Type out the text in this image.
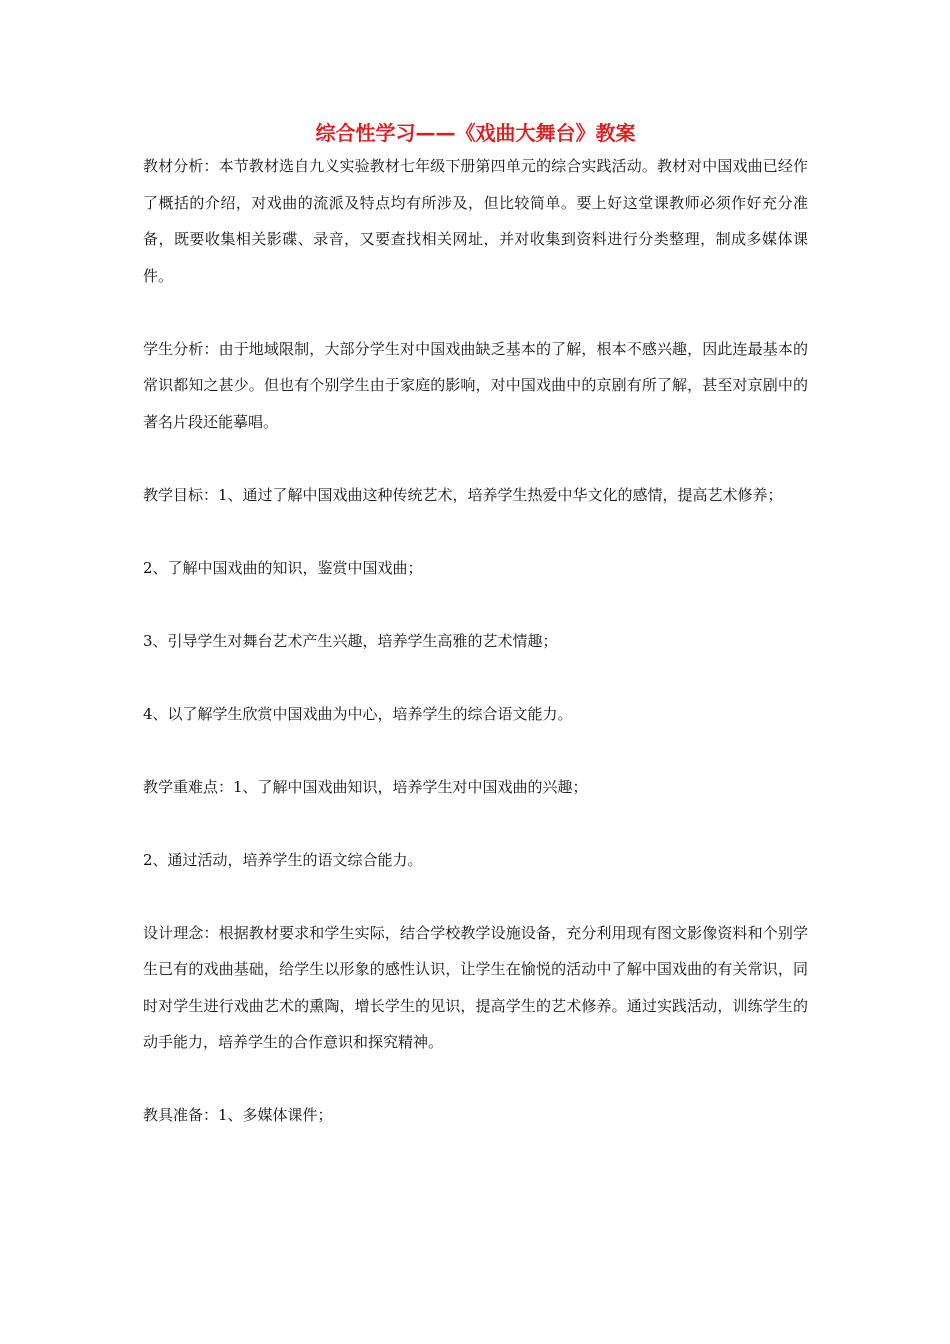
综合性学习——《戏曲大舞台》教案

教材分析：本节教材选自九义实验教材七年级下册第四单元的综合实践活动。教材对中国戏曲已经作了概括的介绍，对戏曲的流派及特点均有所涉及，但比较简单。要上好这堂课教师必须作好充分准备，既要收集相关影碟、录音，又要查找相关网址，并对收集到资料进行分类整理，制成多媒体课件。

学生分析：由于地域限制，大部分学生对中国戏曲缺乏基本的了解，根本不感兴趣，因此连最基本的常识都知之甚少。但也有个别学生由于家庭的影响，对中国戏曲中的京剧有所了解，甚至对京剧中的著名片段还能摹唱。

教学目标：1、通过了解中国戏曲这种传统艺术，培养学生热爱中华文化的感情，提高艺术修养；

2、了解中国戏曲的知识，鉴赏中国戏曲；

3、引导学生对舞台艺术产生兴趣，培养学生高雅的艺术情趣；

4、以了解学生欣赏中国戏曲为中心，培养学生的综合语文能力。

教学重难点：1、了解中国戏曲知识，培养学生对中国戏曲的兴趣；

2、通过活动，培养学生的语文综合能力。

设计理念：根据教材要求和学生实际，结合学校教学设施设备，充分利用现有图文影像资料和个别学生已有的戏曲基础，给学生以形象的感性认识，让学生在愉悦的活动中了解中国戏曲的有关常识，同时对学生进行戏曲艺术的熏陶，增长学生的见识，提高学生的艺术修养。通过实践活动，训练学生的动手能力，培养学生的合作意识和探究精神。

教具准备：1、多媒体课件；
